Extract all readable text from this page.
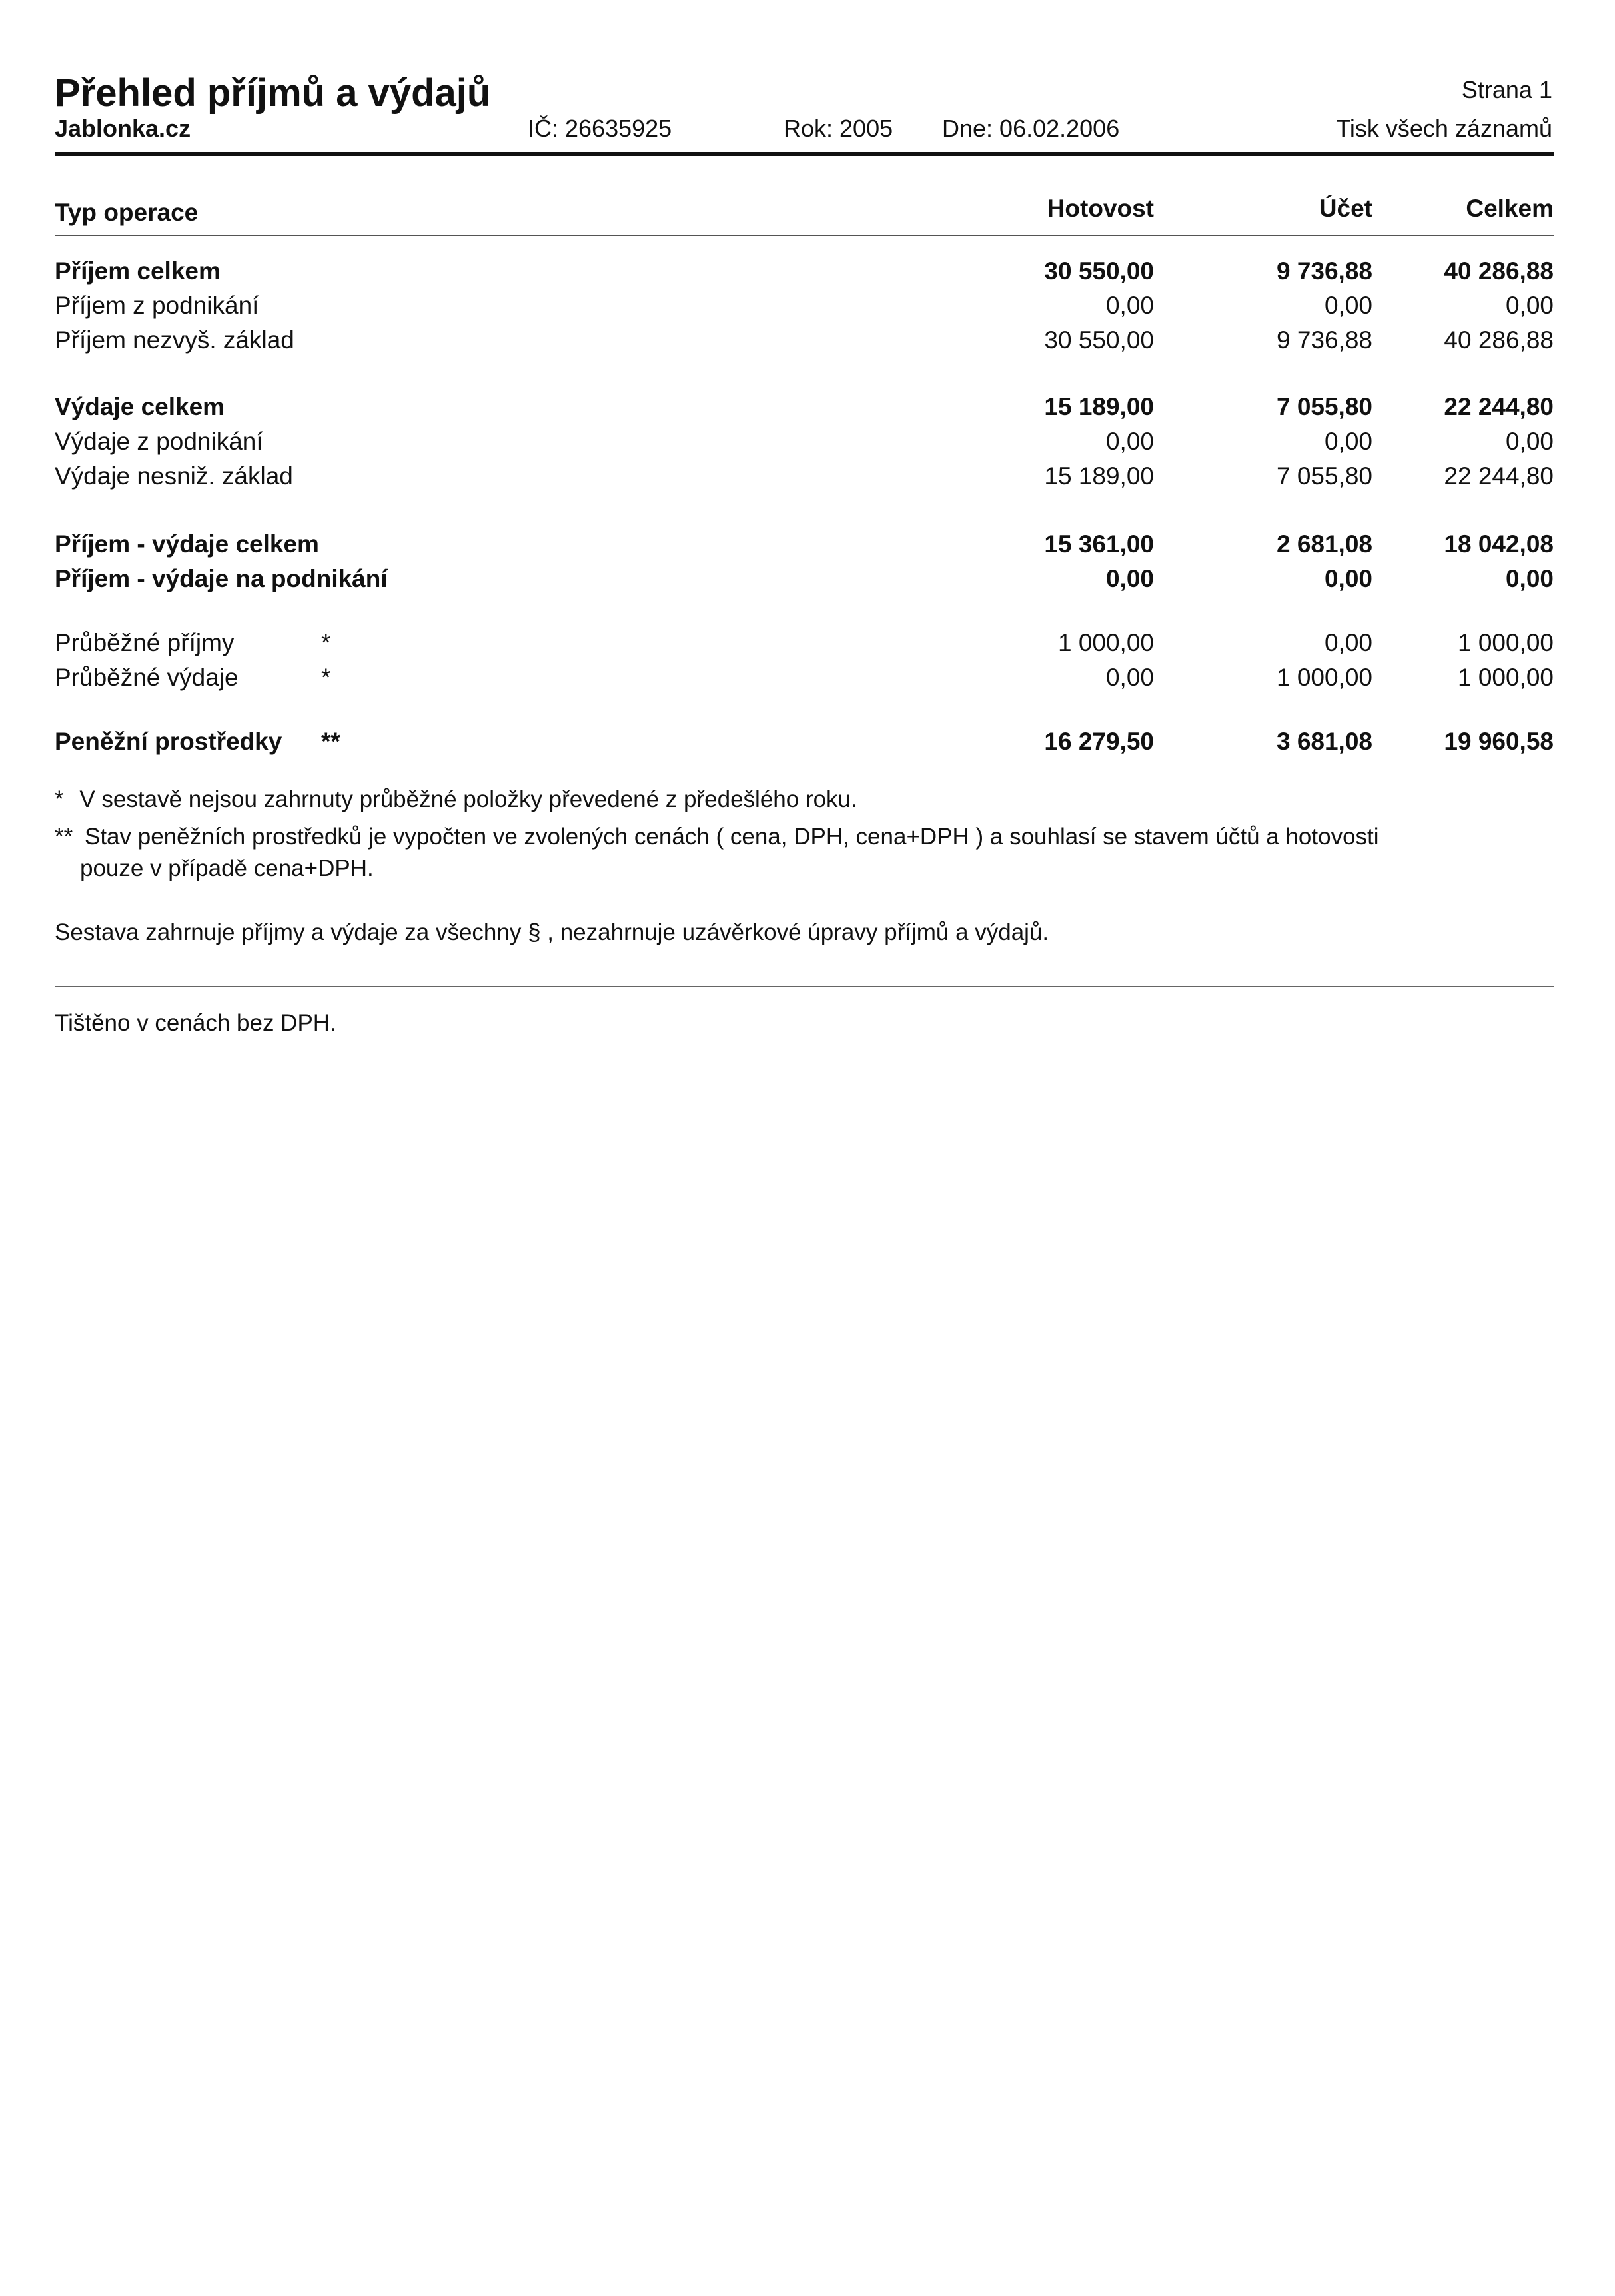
Přehled příjmů a výdajů
Jablonka.cz	IČ: 26635925	Rok: 2005 Dne: 06.02.2006
Strana 1
Tisk všech záznamů
Typ operace	Hotovost	Účet	Celkem
Příjem celkem	30 550,00	9 736,88	40 286,88
Příjem z podnikání	0,00	0,00	0,00
Příjem nezvyš. základ	30 550,00	9 736,88	40 286,88
Výdaje celkem	15 189,00	7 055,80	22 244,80
Výdaje z podnikání	0,00	0,00	0,00
Výdaje nesniž. základ	15 189,00	7 055,80	22 244,80
Příjem - výdaje celkem	15 361,00	2 681,08	18 042,08
Příjem - výdaje na podnikání	0,00	0,00	0,00
Průběžné příjmy	*	1 000,00	0,00	1 000,00
Průběžné výdaje	*	0,00	1 000,00	1 000,00
Peněžní prostředky **	16 279,50	3 681,08	19 960,58
* V sestavě nejsou zahrnuty průběžné položky převedené z předešlého roku.
** Stav peněžních prostředků je vypočten ve zvolených cenách ( cena, DPH, cena+DPH ) a souhlasí se stavem účtů a hotovosti
pouze v případě cena+DPH.
Sestava zahrnuje příjmy a výdaje za všechny § , nezahrnuje uzávěrkové úpravy příjmů a výdajů.
Tištěno v cenách bez DPH.
